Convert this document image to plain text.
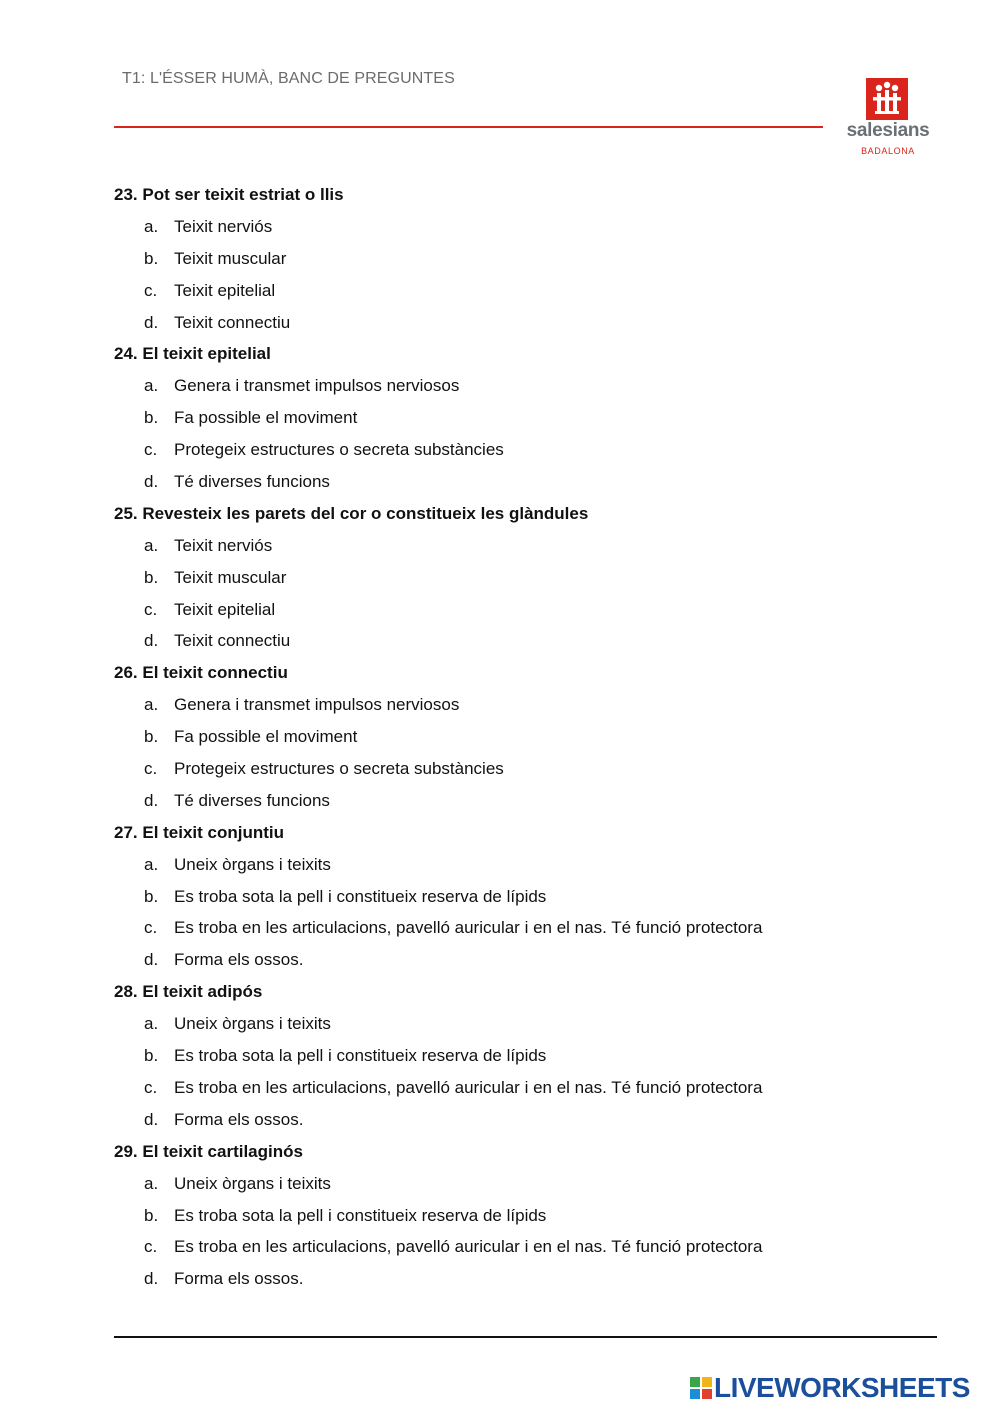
T1: L'ÉSSER HUMÀ, BANC DE PREGUNTES
salesians
BADALONA
23. Pot ser teixit estriat o llis
a. Teixit nerviós
b. Teixit muscular
c. Teixit epitelial
d. Teixit connectiu
24. El teixit epitelial
a. Genera i transmet impulsos nerviosos
b. Fa possible el moviment
c. Protegeix estructures o secreta substàncies
d. Té diverses funcions
25. Revesteix les parets del cor o constitueix les glàndules
a. Teixit nerviós
b. Teixit muscular
c. Teixit epitelial
d. Teixit connectiu
26. El teixit connectiu
a. Genera i transmet impulsos nerviosos
b. Fa possible el moviment
c. Protegeix estructures o secreta substàncies
d. Té diverses funcions
27. El teixit conjuntiu
a. Uneix òrgans i teixits
b. Es troba sota la pell i constitueix reserva de lípids
c. Es troba en les articulacions, pavelló auricular i en el nas. Té funció protectora
d. Forma els ossos.
28. El teixit adipós
a. Uneix òrgans i teixits
b. Es troba sota la pell i constitueix reserva de lípids
c. Es troba en les articulacions, pavelló auricular i en el nas. Té funció protectora
d. Forma els ossos.
29. El teixit cartilaginós
a. Uneix òrgans i teixits
b. Es troba sota la pell i constitueix reserva de lípids
c. Es troba en les articulacions, pavelló auricular i en el nas. Té funció protectora
d. Forma els ossos.
LIVEWORKSHEETS
